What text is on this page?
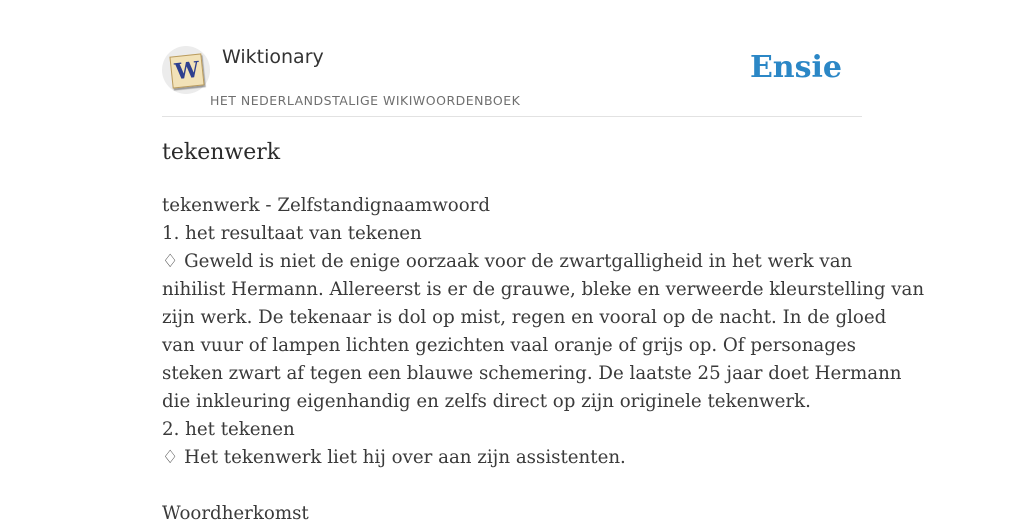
W Wiktionary
HET NEDERLANDSTALIGE WIKIWOORDENBOEK
Ensie
tekenwerk
tekenwerk - Zelfstandignaamwoord
1. het resultaat van tekenen
♢ Geweld is niet de enige oorzaak voor de zwartgalligheid in het werk van
nihilist Hermann. Allereerst is er de grauwe, bleke en verweerde kleurstelling van
zijn werk. De tekenaar is dol op mist, regen en vooral op de nacht. In de gloed
van vuur of lampen lichten gezichten vaal oranje of grijs op. Of personages
steken zwart af tegen een blauwe schemering. De laatste 25 jaar doet Hermann
die inkleuring eigenhandig en zelfs direct op zijn originele tekenwerk.
2. het tekenen
♢ Het tekenwerk liet hij over aan zijn assistenten.
Woordherkomst
